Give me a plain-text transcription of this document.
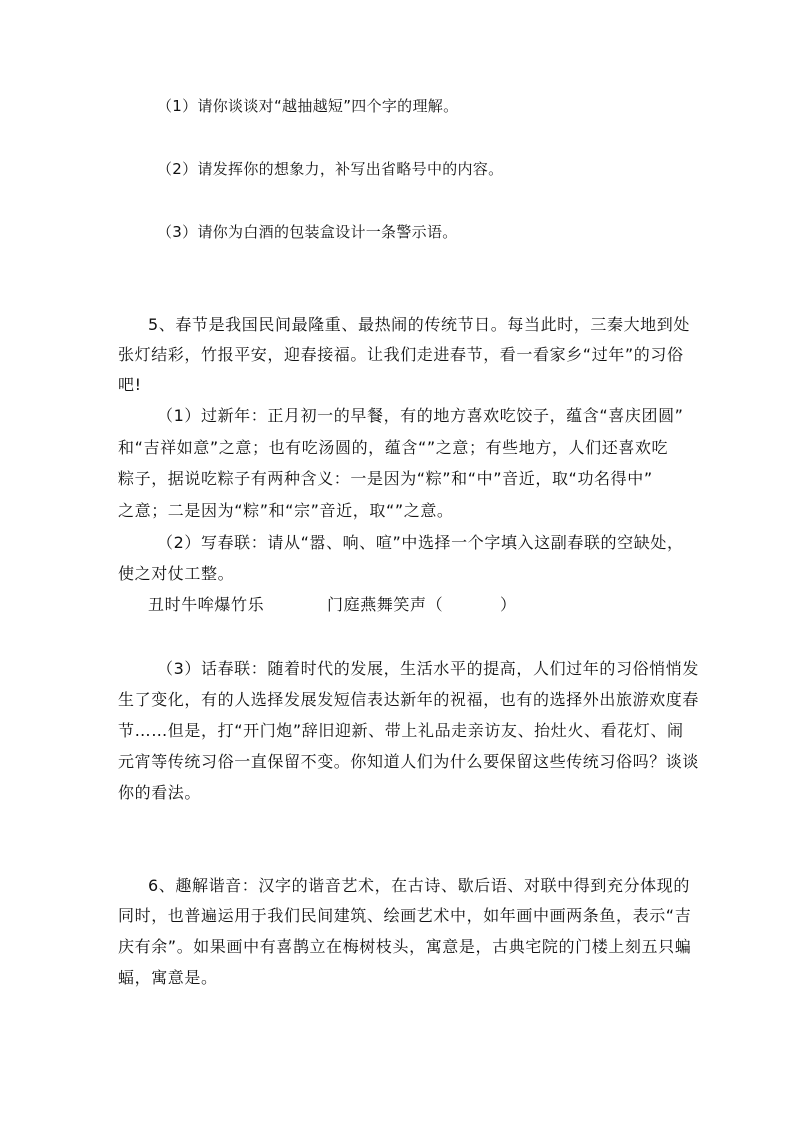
（1）请你谈谈对“越抽越短”四个字的理解。
（2）请发挥你的想象力，补写出省略号中的内容。
（3）请你为白酒的包装盒设计一条警示语。
5、春节是我国民间最隆重、最热闹的传统节日。每当此时，三秦大地到处
张灯结彩，竹报平安，迎春接福。让我们走进春节，看一看家乡“过年”的习俗
吧!
（1）过新年：正月初一的早餐，有的地方喜欢吃饺子，蕴含“喜庆团圆”
和“吉祥如意”之意；也有吃汤圆的，蕴含“”之意；有些地方，人们还喜欢吃
粽子，据说吃粽子有两种含义：一是因为“粽”和“中”音近，取“功名得中”
之意；二是因为“粽”和“宗”音近，取“”之意。
（2）写春联：请从“嚣、响、喧”中选择一个字填入这副春联的空缺处，
使之对仗工整。
丑时牛哞爆竹乐	门庭燕舞笑声（          ）
（3）话春联：随着时代的发展，生活水平的提高，人们过年的习俗悄悄发
生了变化，有的人选择发展发短信表达新年的祝福，也有的选择外出旅游欢度春
节……但是，打“开门炮”辞旧迎新、带上礼品走亲访友、抬灶火、看花灯、闹
元宵等传统习俗一直保留不变。你知道人们为什么要保留这些传统习俗吗？谈谈
你的看法。
6、趣解谐音：汉字的谐音艺术，在古诗、歇后语、对联中得到充分体现的
同时，也普遍运用于我们民间建筑、绘画艺术中，如年画中画两条鱼，表示“吉
庆有余”。如果画中有喜鹊立在梅树枝头，寓意是，古典宅院的门楼上刻五只蝙
蝠，寓意是。
